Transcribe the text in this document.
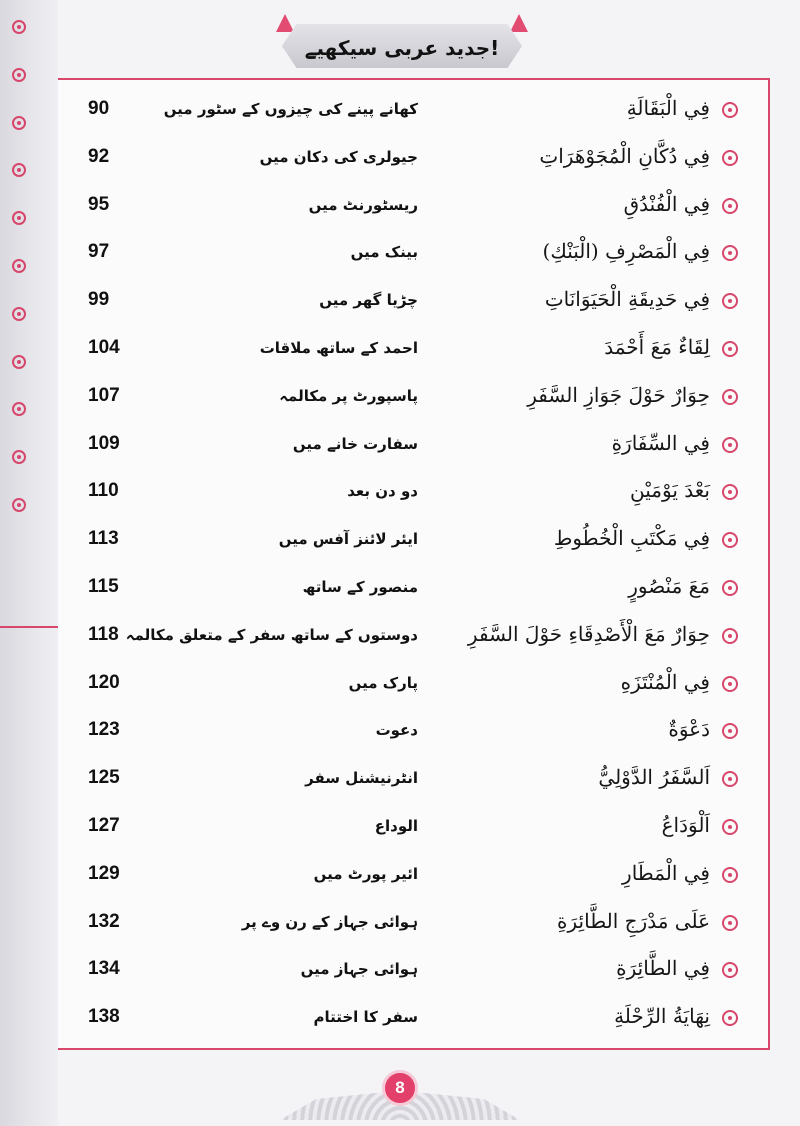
جدید عربی سیکھیے!
فِي الْبَقَالَةِ
کھانے پینے کی چیزوں کے سٹور میں
90
فِي دُكَّانِ الْمُجَوْهَرَاتِ
جیولری کی دکان میں
92
فِي الْفُنْدُقِ
ریسٹورنٹ میں
95
فِي الْمَصْرِفِ (الْبَنْكِ)
بینک میں
97
فِي حَدِيقَةِ الْحَيَوَانَاتِ
چڑیا گھر میں
99
لِقَاءٌ مَعَ أَحْمَدَ
احمد کے ساتھ ملاقات
104
حِوَارٌ حَوْلَ جَوَازِ السَّفَرِ
پاسپورٹ پر مکالمہ
107
فِي السِّفَارَةِ
سفارت خانے میں
109
بَعْدَ يَوْمَيْنِ
دو دن بعد
110
فِي مَكْتَبِ الْخُطُوطِ
ایئر لائنز آفس میں
113
مَعَ مَنْصُورٍ
منصور کے ساتھ
115
حِوَارٌ مَعَ الْأَصْدِقَاءِ حَوْلَ السَّفَرِ
دوستوں کے ساتھ سفر کے متعلق مکالمہ
118
فِي الْمُنْتَزَهِ
پارک میں
120
دَعْوَةٌ
دعوت
123
اَلسَّفَرُ الدَّوْلِيُّ
انٹرنیشنل سفر
125
اَلْوَدَاعُ
الوداع
127
فِي الْمَطَارِ
ائیر پورٹ میں
129
عَلَى مَدْرَجِ الطَّائِرَةِ
ہوائی جہاز کے رن وے پر
132
فِي الطَّائِرَةِ
ہوائی جہاز میں
134
نِهَايَةُ الرِّحْلَةِ
سفر کا اختتام
138
8
